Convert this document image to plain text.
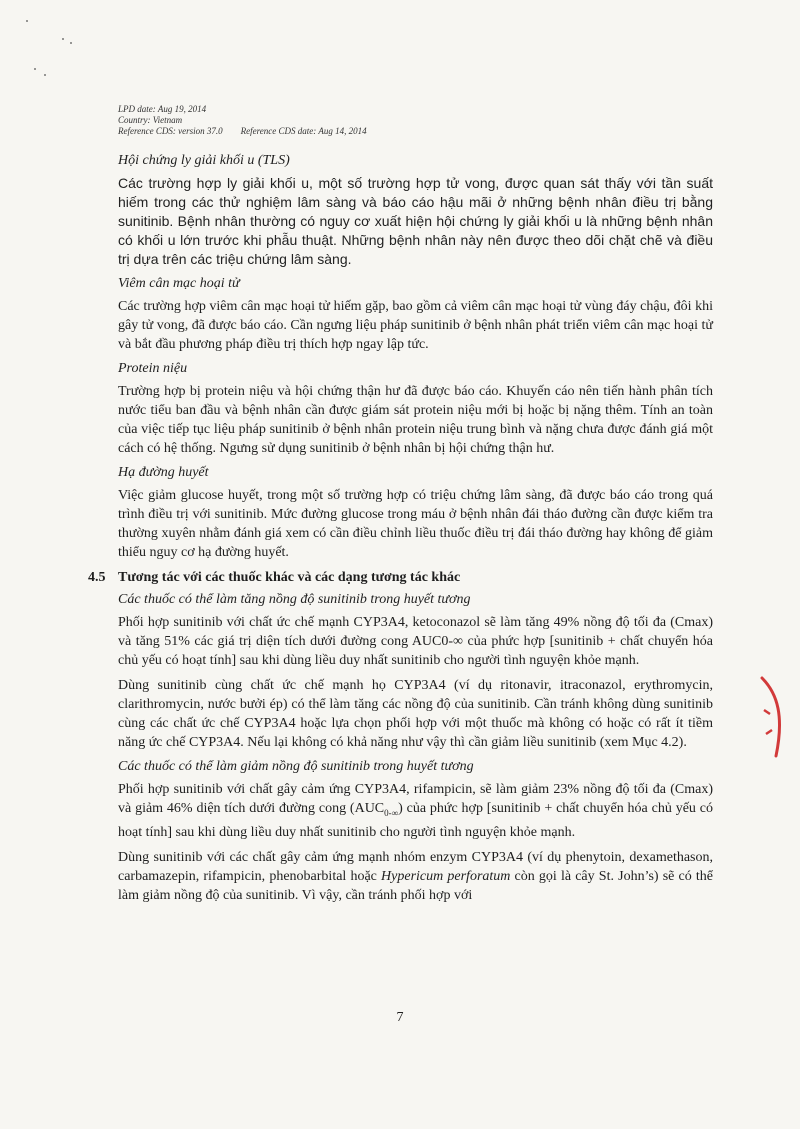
LPD date: Aug 19, 2014
Country: Vietnam
Reference CDS: version 37.0 Reference CDS date: Aug 14, 2014
Hội chứng ly giải khối u (TLS)

Các trường hợp ly giải khối u, một số trường hợp tử vong, được quan sát thấy với tần suất hiếm trong các thử nghiệm lâm sàng và báo cáo hậu mãi ở những bệnh nhân điều trị bằng sunitinib. Bệnh nhân thường có nguy cơ xuất hiện hội chứng ly giải khối u là những bệnh nhân có khối u lớn trước khi phẫu thuật. Những bệnh nhân này nên được theo dõi chặt chẽ và điều trị dựa trên các triệu chứng lâm sàng.

Viêm cân mạc hoại tử

Các trường hợp viêm cân mạc hoại tử hiếm gặp, bao gồm cả viêm cân mạc hoại tử vùng đáy chậu, đôi khi gây tử vong, đã được báo cáo. Cần ngưng liệu pháp sunitinib ở bệnh nhân phát triển viêm cân mạc hoại tử và bắt đầu phương pháp điều trị thích hợp ngay lập tức.

Protein niệu

Trường hợp bị protein niệu và hội chứng thận hư đã được báo cáo. Khuyến cáo nên tiến hành phân tích nước tiểu ban đầu và bệnh nhân cần được giám sát protein niệu mới bị hoặc bị nặng thêm. Tính an toàn của việc tiếp tục liệu pháp sunitinib ở bệnh nhân protein niệu trung bình và nặng chưa được đánh giá một cách có hệ thống. Ngưng sử dụng sunitinib ở bệnh nhân bị hội chứng thận hư.

Hạ đường huyết

Việc giảm glucose huyết, trong một số trường hợp có triệu chứng lâm sàng, đã được báo cáo trong quá trình điều trị với sunitinib. Mức đường glucose trong máu ở bệnh nhân đái tháo đường cần được kiểm tra thường xuyên nhằm đánh giá xem có cần điều chỉnh liều thuốc điều trị đái tháo đường hay không để giảm thiểu nguy cơ hạ đường huyết.

4.5 Tương tác với các thuốc khác và các dạng tương tác khác
Các thuốc có thể làm tăng nồng độ sunitinib trong huyết tương

Phối hợp sunitinib với chất ức chế mạnh CYP3A4, ketoconazol sẽ làm tăng 49% nồng độ tối đa (Cmax) và tăng 51% các giá trị diện tích dưới đường cong AUC0-∞ của phức hợp [sunitinib + chất chuyển hóa chủ yếu có hoạt tính] sau khi dùng liều duy nhất sunitinib cho người tình nguyện khỏe mạnh.

Dùng sunitinib cùng chất ức chế mạnh họ CYP3A4 (ví dụ ritonavir, itraconazol, erythromycin, clarithromycin, nước bưởi ép) có thể làm tăng các nồng độ của sunitinib. Cần tránh không dùng sunitinib cùng các chất ức chế CYP3A4 hoặc lựa chọn phối hợp với một thuốc mà không có hoặc có rất ít tiềm năng ức chế CYP3A4. Nếu lại không có khả năng như vậy thì cần giảm liều sunitinib (xem Mục 4.2).

Các thuốc có thể làm giảm nồng độ sunitinib trong huyết tương

Phối hợp sunitinib với chất gây cảm ứng CYP3A4, rifampicin, sẽ làm giảm 23% nồng độ tối đa (Cmax) và giảm 46% diện tích dưới đường cong $(AUC_{0-\infty})$ của phức hợp [sunitinib + chất chuyển hóa chủ yếu có hoạt tính] sau khi dùng liều duy nhất sunitinib cho người tình nguyện khỏe mạnh.

Dùng sunitinib với các chất gây cảm ứng mạnh nhóm enzym CYP3A4 (ví dụ phenytoin, dexamethason, carbamazepin, rifampicin, phenobarbital hoặc Hypericum perforatum còn gọi là cây St. John’s) sẽ có thể làm giảm nồng độ của sunitinib. Vì vậy, cần tránh phối hợp với

7
